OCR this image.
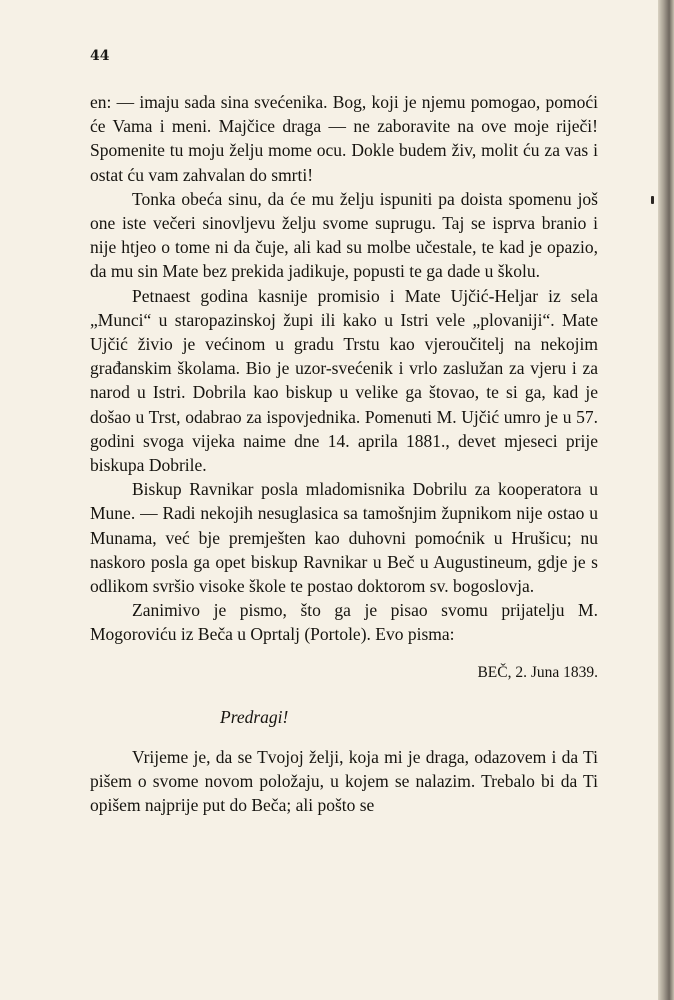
44

en: — imaju sada sina svećenika. Bog, koji je njemu pomogao, pomoći će Vama i meni. Majčice draga — ne zaboravite na ove moje riječi! Spomenite tu moju želju mome ocu. Dokle budem živ, molit ću za vas i ostat ću vam zahvalan do smrti!

Tonka obeća sinu, da će mu želju ispuniti pa doista spomenu još one iste večeri sinovljevu želju svome suprugu. Taj se isprva branio i nije htjeo o tome ni da čuje, ali kad su molbe učestale, te kad je opazio, da mu sin Mate bez prekida jadikuje, popusti te ga dade u školu.

Petnaest godina kasnije promisio i Mate Ujčić-Heljar iz sela „Munci“ u staropazinskoj župi ili kako u Istri vele „plovaniji“. Mate Ujčić živio je većinom u gradu Trstu kao vjeroučitelj na nekojim građanskim školama. Bio je uzor-svećenik i vrlo zaslužan za vjeru i za narod u Istri. Dobrila kao biskup u velike ga štovao, te si ga, kad je došao u Trst, odabrao za ispovjednika. Pomenuti M. Ujčić umro je u 57. godini svoga vijeka naime dne 14. aprila 1881., devet mjeseci prije biskupa Dobrile.

Biskup Ravnikar posla mladomisnika Dobrilu za kooperatora u Mune. — Radi nekojih nesuglasica sa tamošnjim župnikom nije ostao u Munama, već bje premješten kao duhovni pomoćnik u Hrušicu; nu naskoro posla ga opet biskup Ravnikar u Beč u Augustineum, gdje je s odlikom svršio visoke škole te postao doktorom sv. bogoslovja.

Zanimivo je pismo, što ga je pisao svomu prijatelju M. Mogoroviću iz Beča u Oprtalj (Portole). Evo pisma:

BEČ, 2. Juna 1839.

Predragi!

Vrijeme je, da se Tvojoj želji, koja mi je draga, odazovem i da Ti pišem o svome novom položaju, u kojem se nalazim. Trebalo bi da Ti opišem najprije put do Beča; ali pošto se
